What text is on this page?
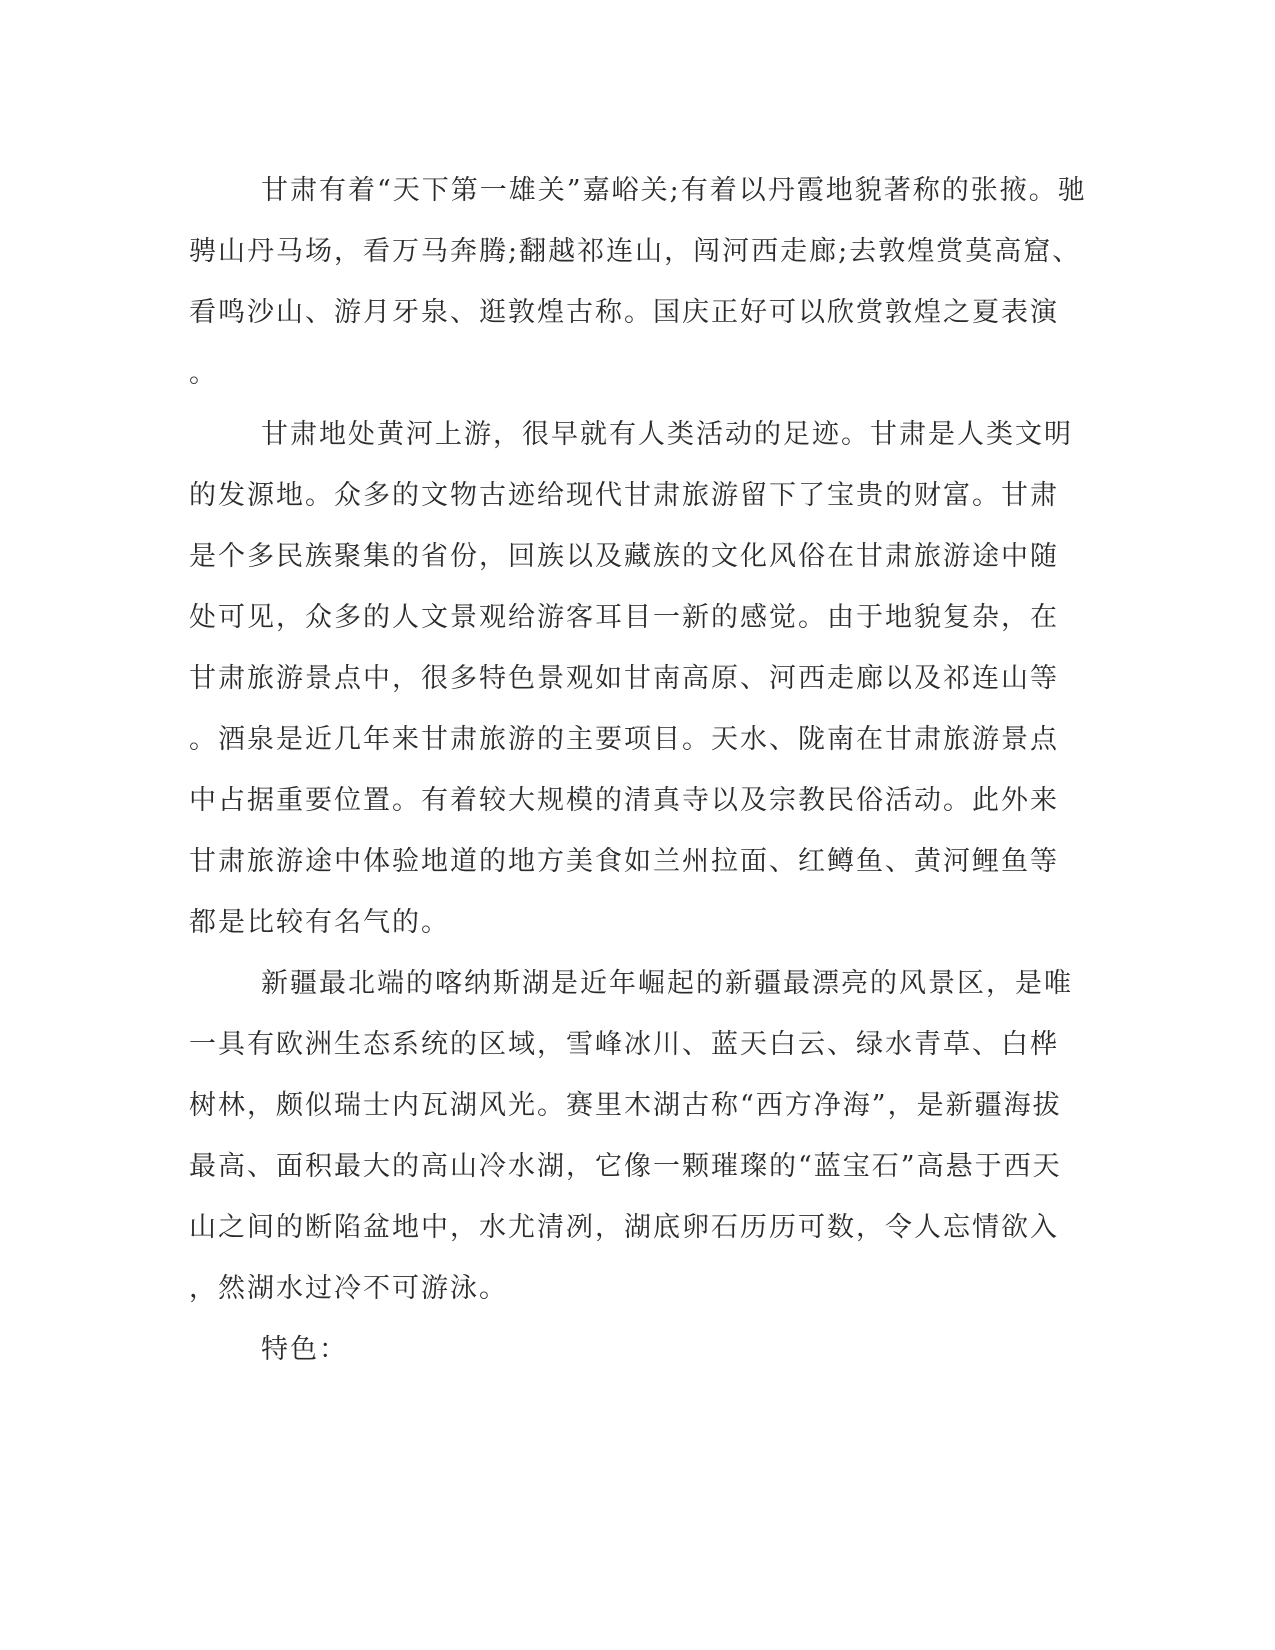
甘肃有着“天下第一雄关”嘉峪关;有着以丹霞地貌著称的张掖。驰
骋山丹马场，看万马奔腾;翻越祁连山，闯河西走廊;去敦煌赏莫高窟、
看鸣沙山、游月牙泉、逛敦煌古称。国庆正好可以欣赏敦煌之夏表演
。
甘肃地处黄河上游，很早就有人类活动的足迹。甘肃是人类文明
的发源地。众多的文物古迹给现代甘肃旅游留下了宝贵的财富。甘肃
是个多民族聚集的省份，回族以及藏族的文化风俗在甘肃旅游途中随
处可见，众多的人文景观给游客耳目一新的感觉。由于地貌复杂，在
甘肃旅游景点中，很多特色景观如甘南高原、河西走廊以及祁连山等
。酒泉是近几年来甘肃旅游的主要项目。天水、陇南在甘肃旅游景点
中占据重要位置。有着较大规模的清真寺以及宗教民俗活动。此外来
甘肃旅游途中体验地道的地方美食如兰州拉面、红鳟鱼、黄河鲤鱼等
都是比较有名气的。
新疆最北端的喀纳斯湖是近年崛起的新疆最漂亮的风景区，是唯
一具有欧洲生态系统的区域，雪峰冰川、蓝天白云、绿水青草、白桦
树林，颇似瑞士内瓦湖风光。赛里木湖古称“西方净海”，是新疆海拔
最高、面积最大的高山冷水湖，它像一颗璀璨的“蓝宝石”高悬于西天
山之间的断陷盆地中，水尤清冽，湖底卵石历历可数，令人忘情欲入
，然湖水过冷不可游泳。
特色：
